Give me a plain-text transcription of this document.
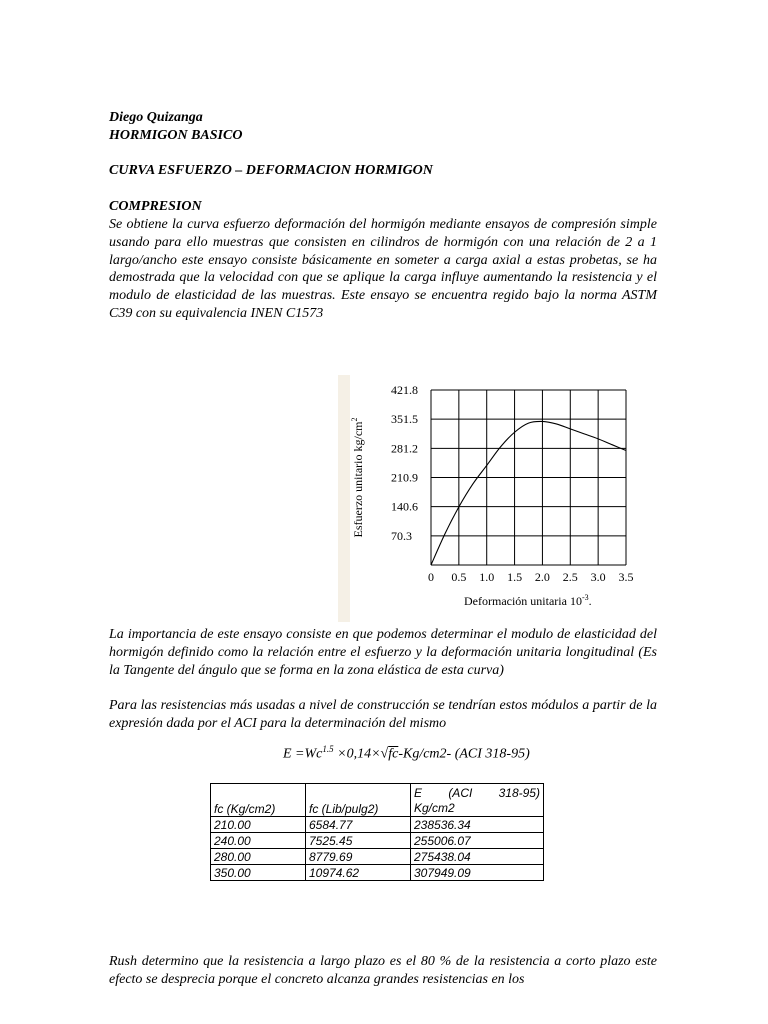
Diego Quizanga
HORMIGON BASICO
CURVA ESFUERZO – DEFORMACION HORMIGON
COMPRESION
Se obtiene la curva esfuerzo deformación del hormigón mediante ensayos de compresión simple usando para ello muestras que consisten en cilindros de hormigón con una relación de 2 a 1 largo/ancho este ensayo consiste básicamente en someter a carga axial a estas probetas, se ha demostrada que la velocidad con que se aplique la carga influye aumentando la resistencia y el modulo de elasticidad de las muestras. Este ensayo se encuentra regido bajo la norma ASTM C39 con su equivalencia INEN C1573
70.3
140.6
210.9
281.2
351.5
421.8
0 0.5 1.0 1.5 2.0 2.5 3.0 3.5
Esfuerzo unitario $kg/cm^2$
Deformación unitaria $10^{-3}$.
La importancia de este ensayo consiste en que podemos determinar el modulo de elasticidad del hormigón definido como la relación entre el esfuerzo y la deformación unitaria longitudinal (Es la Tangente del ángulo que se forma en la zona elástica de esta curva)
Para las resistencias más usadas a nivel de construcción se tendrían estos módulos a partir de la expresión dada por el ACI para la determinación del mismo
$E =Wc^{1.5} \times 0,14\times√fc-Kg/cm2-$ (ACI 318-95)
fc (Kg/cm2)	fc (Lib/pulg2)	E (ACI 318-95)
Kg/cm2

210.00	6584.77	238536.34
240.00	7525.45	255006.07
280.00	8779.69	275438.04
350.00	10974.62	307949.09
Rush determino que la resistencia a largo plazo es el 80 % de la resistencia a corto plazo este efecto se desprecia porque el concreto alcanza grandes resistencias en los
